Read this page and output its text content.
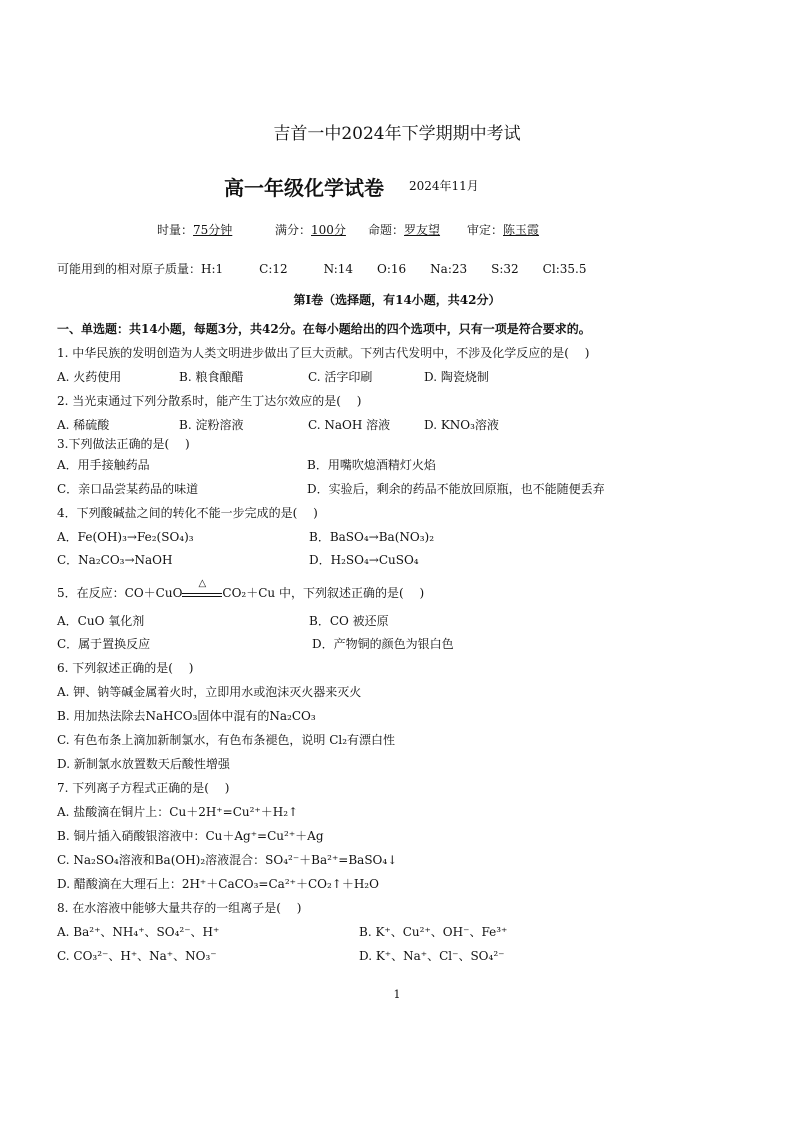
吉首一中2024年下学期期中考试
高一年级化学试卷 2024年11月
时量：75分钟	满分：100分 命题：罗友望 审定：陈玉霞
可能用到的相对原子质量：H:1　　　C:12　　　N:14　　O:16　　Na:23　　S:32　　Cl:35.5
第Ⅰ卷（选择题，有14小题，共42分）
一、单选题：共14小题，每题3分，共42分。在每小题给出的四个选项中，只有一项是符合要求的。
1. 中华民族的发明创造为人类文明进步做出了巨大贡献。下列古代发明中，不涉及化学反应的是(　 )
A. 火药使用	B. 粮食酿醋	C. 活字印刷	D. 陶瓷烧制
2. 当光束通过下列分散系时，能产生丁达尔效应的是(　 )
A. 稀硫酸	B. 淀粉溶液	C. NaOH 溶液	D. KNO₃溶液
3.下列做法正确的是(　 )
A．用手接触药品	B．用嘴吹熄酒精灯火焰
C．亲口品尝某药品的味道	D．实验后，剩余的药品不能放回原瓶，也不能随便丢弃
4．下列酸碱盐之间的转化不能一步完成的是(　 )
A．Fe(OH)₃→Fe₂(SO₄)₃	B．BaSO₄→Ba(NO₃)₂
C．Na₂CO₃→NaOH	D．H₂SO₄→CuSO₄
5．在反应：CO＋CuO
△
CO₂＋Cu 中，下列叙述正确的是(　 )
A．CuO 氧化剂	B．CO 被还原
C．属于置换反应	D．产物铜的颜色为银白色
6. 下列叙述正确的是(　 )
A. 钾、钠等碱金属着火时，立即用水或泡沫灭火器来灭火
B. 用加热法除去NaHCO₃固体中混有的Na₂CO₃
C. 有色布条上滴加新制氯水，有色布条褪色，说明 Cl₂有漂白性
D. 新制氯水放置数天后酸性增强
7. 下列离子方程式正确的是(　 )
A. 盐酸滴在铜片上：Cu＋2H⁺=Cu²⁺＋H₂↑
B. 铜片插入硝酸银溶液中：Cu＋Ag⁺=Cu²⁺＋Ag
C. Na₂SO₄溶液和Ba(OH)₂溶液混合：SO₄²⁻＋Ba²⁺=BaSO₄↓
D. 醋酸滴在大理石上：2H⁺＋CaCO₃=Ca²⁺＋CO₂↑＋H₂O
8. 在水溶液中能够大量共存的一组离子是(　 )
A. Ba²⁺、NH₄⁺、SO₄²⁻、H⁺	B. K⁺、Cu²⁺、OH⁻、Fe³⁺
C. CO₃²⁻、H⁺、Na⁺、NO₃⁻	D. K⁺、Na⁺、Cl⁻、SO₄²⁻
1
